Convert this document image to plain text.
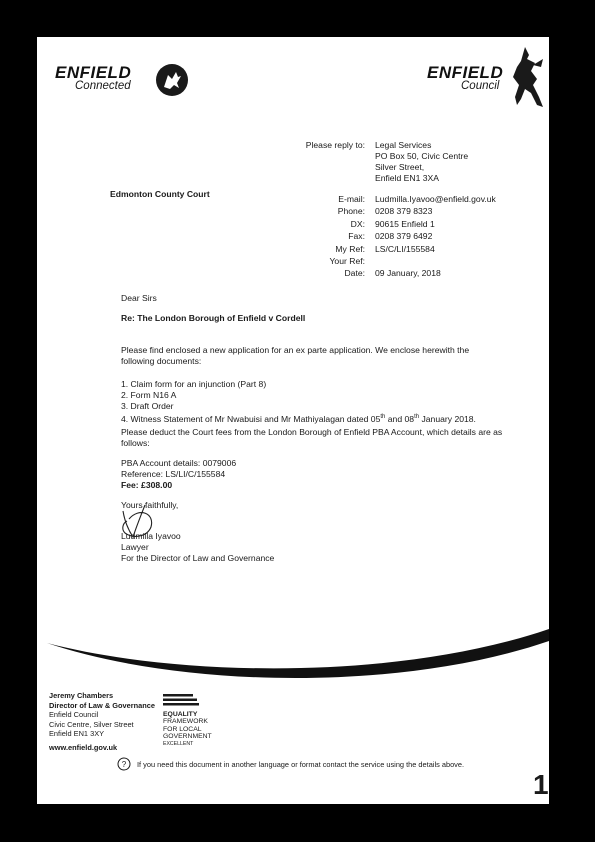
ENFIELD
Connected
ENFIELD
Council
Please reply to: Legal Services
PO Box 50, Civic Centre
Silver Street,
Enfield EN1 3XA
Edmonton County Court	E-mail: Ludmilla.Iyavoo@enfield.gov.uk
Phone: 0208 379 8323
DX: 90615 Enfield 1
Fax: 0208 379 6492
My Ref: LS/C/LI/155584
Your Ref:
Date: 09 January, 2018
Dear Sirs
Re: The London Borough of Enfield v Cordell
Please find enclosed a new application for an ex parte application. We enclose herewith the following documents:
1. Claim form for an injunction (Part 8)
2. Form N16 A
3. Draft Order
4. Witness Statement of Mr Nwabuisi and Mr Mathiyalagan dated 05th and 08th January 2018.
Please deduct the Court fees from the London Borough of Enfield PBA Account, which details are as follows:
PBA Account details: 0079006
Reference: LS/LI/C/155584
Fee: £308.00
Yours faithfully,
Ludmilla Iyavoo
Lawyer
For the Director of Law and Governance
Jeremy Chambers
Director of Law & Governance
Enfield Council
Civic Centre, Silver Street
Enfield EN1 3XY
www.enfield.gov.uk
EQUALITY
FRAMEWORK
FOR LOCAL
GOVERNMENT
EXCELLENT
? If you need this document in another language or format contact the service using the details above.
1
